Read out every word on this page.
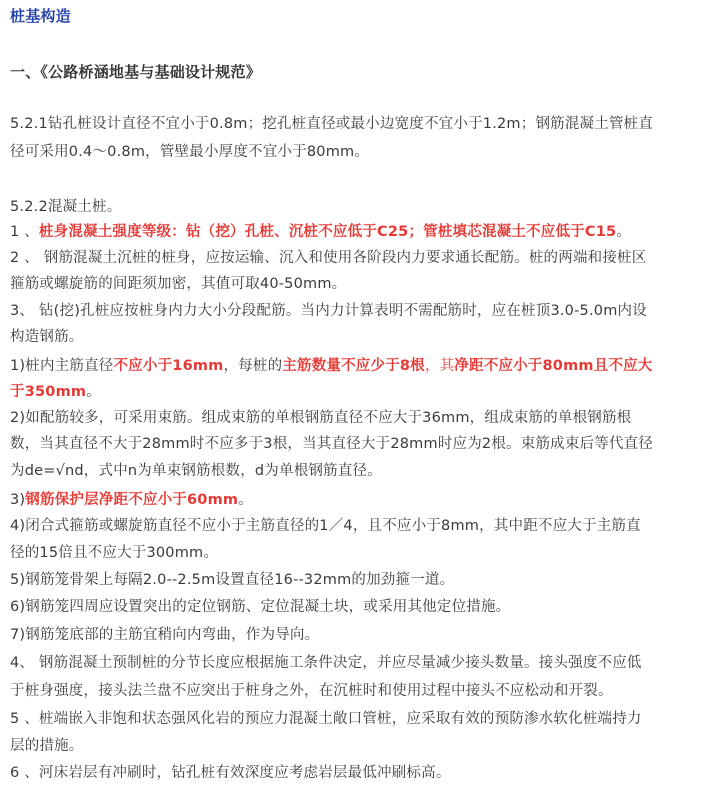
桩基构造
一、《公路桥涵地基与基础设计规范》
5.2.1钻孔桩设计直径不宜小于0.8m；挖孔桩直径或最小边宽度不宜小于1.2m；钢筋混凝土管桩直
径可采用0.4～0.8m，管壁最小厚度不宜小于80mm。
5.2.2混凝土桩。
1 、桩身混凝土强度等级：钻（挖）孔桩、沉桩不应低于C25；管桩填芯混凝土不应低于C15。
2 、 钢筋混凝土沉桩的桩身，应按运输、沉入和使用各阶段内力要求通长配筋。桩的两端和接桩区
箍筋或螺旋筋的间距须加密，其值可取40-50mm。
3、 钻(挖)孔桩应按桩身内力大小分段配筋。当内力计算表明不需配筋时，应在桩顶3.0-5.0m内设
构造钢筋。
1)桩内主筋直径不应小于16mm，每桩的主筋数量不应少于8根，其净距不应小于80mm且不应大
于350mm。
2)如配筋较多，可采用束筋。组成束筋的单根钢筋直径不应大于36mm，组成束筋的单根钢筋根
数，当其直径不大于28mm时不应多于3根，当其直径大于28mm时应为2根。束筋成束后等代直径
为de=√nd，式中n为单束钢筋根数，d为单根钢筋直径。
3)钢筋保护层净距不应小于60mm。
4)闭合式箍筋或螺旋筋直径不应小于主筋直径的1／4，且不应小于8mm，其中距不应大于主筋直
径的15倍且不应大于300mm。
5)钢筋笼骨架上每隔2.0--2.5m设置直径16--32mm的加劲箍一道。
6)钢筋笼四周应设置突出的定位钢筋、定位混凝土块，或采用其他定位措施。
7)钢筋笼底部的主筋宜稍向内弯曲，作为导向。
4、 钢筋混凝土预制桩的分节长度应根据施工条件决定，并应尽量减少接头数量。接头强度不应低
于桩身强度，接头法兰盘不应突出于桩身之外，在沉桩时和使用过程中接头不应松动和开裂。
5 、桩端嵌入非饱和状态强风化岩的预应力混凝土敞口管桩，应采取有效的预防渗水软化桩端持力
层的措施。
6 、河床岩层有冲刷时，钻孔桩有效深度应考虑岩层最低冲刷标高。
